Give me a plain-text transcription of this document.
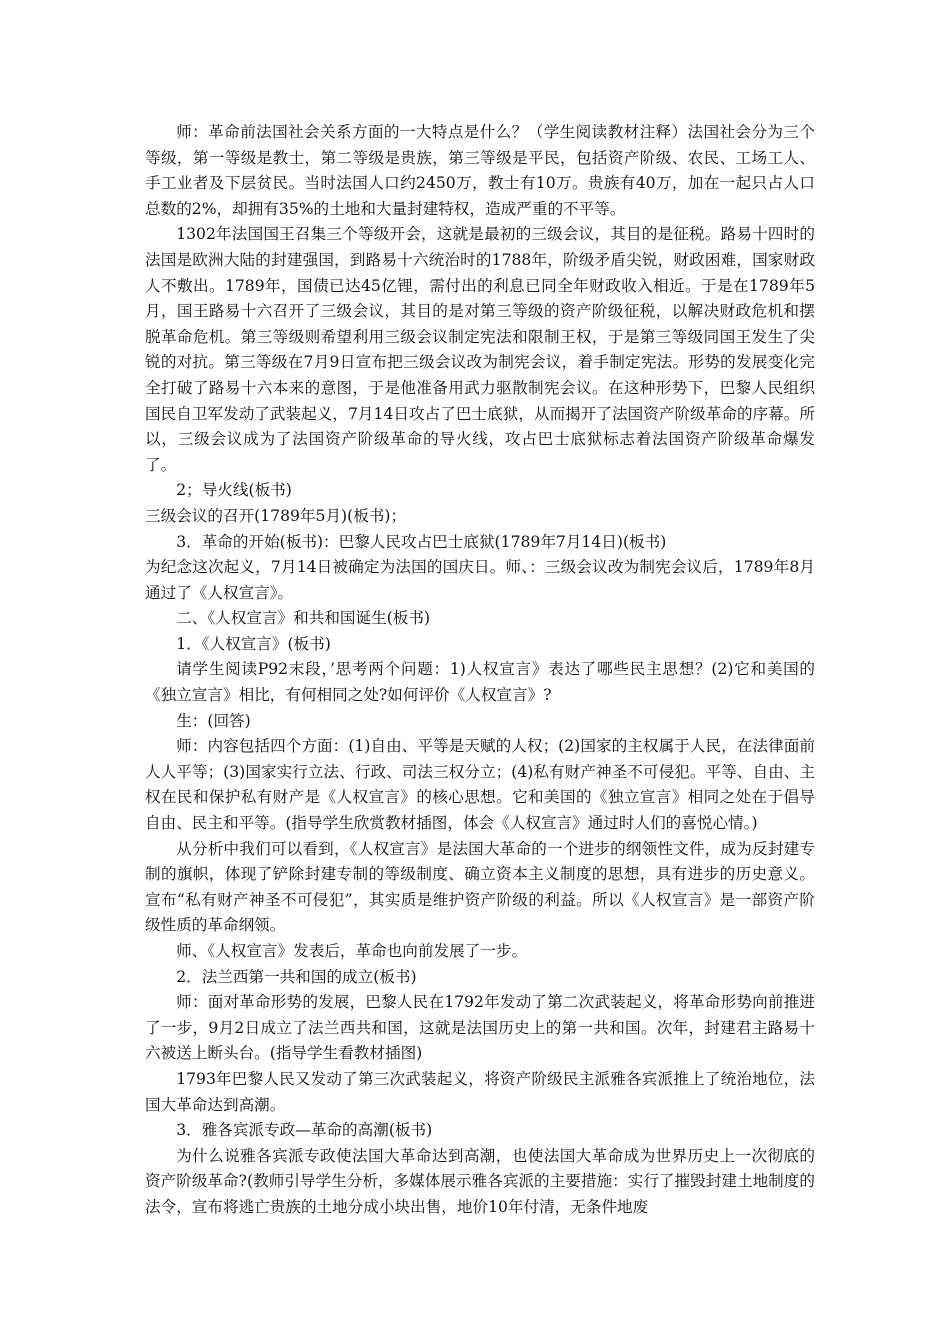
师：革命前法国社会关系方面的一大特点是什么？（学生阅读教材注释）法国社会分为三个等级，第一等级是教士，第二等级是贵族，第三等级是平民，包括资产阶级、农民、工场工人、手工业者及下层贫民。当时法国人口约2450万，教士有10万。贵族有40万，加在一起只占人口总数的2%，却拥有35%的土地和大量封建特权，造成严重的不平等。

1302年法国国王召集三个等级开会，这就是最初的三级会议，其目的是征税。路易十四时的法国是欧洲大陆的封建强国，到路易十六统治时的1788年，阶级矛盾尖锐，财政困难，国家财政人不敷出。1789年，国债已达45亿锂，需付出的利息已同全年财政收入相近。于是在1789年5月，国王路易十六召开了三级会议，其目的是对第三等级的资产阶级征税，以解决财政危机和摆脱革命危机。第三等级则希望利用三级会议制定宪法和限制王权，于是第三等级同国王发生了尖锐的对抗。第三等级在7月9日宣布把三级会议改为制宪会议，着手制定宪法。形势的发展变化完全打破了路易十六本来的意图，于是他准备用武力驱散制宪会议。在这种形势下，巴黎人民组织国民自卫军发动了武装起义，7月14日攻占了巴士底狱，从而揭开了法国资产阶级革命的序幕。所以，三级会议成为了法国资产阶级革命的导火线，攻占巴士底狱标志着法国资产阶级革命爆发了。

2；导火线(板书)

三级会议的召开(1789年5月)(板书)；

3．革命的开始(板书)：巴黎人民攻占巴士底狱(1789年7月14日)(板书)

为纪念这次起义，7月14日被确定为法国的国庆日。师、：三级会议改为制宪会议后，1789年8月通过了《人权宣言》。

二、《人权宣言》和共和国诞生(板书)

1．《人权宣言》(板书)

请学生阅读P92末段，’思考两个问题：1)人权宣言》表达了哪些民主思想？(2)它和美国的《独立宣言》相比，有何相同之处?如何评价《人权宣言》?

生：(回答)

师：内容包括四个方面：(1)自由、平等是天赋的人权；(2)国家的主权属于人民，在法律面前人人平等；(3)国家实行立法、行政、司法三权分立；(4)私有财产神圣不可侵犯。平等、自由、主权在民和保护私有财产是《人权宣言》的核心思想。它和美国的《独立宣言》相同之处在于倡导自由、民主和平等。(指导学生欣赏教材插图，体会《人权宣言》通过时人们的喜悦心情。)

从分析中我们可以看到，《人权宣言》是法国大革命的一个进步的纲领性文件，成为反封建专制的旗帜，体现了铲除封建专制的等级制度、确立资本主义制度的思想，具有进步的历史意义。宣布“私有财产神圣不可侵犯”，其实质是维护资产阶级的利益。所以《人权宣言》是一部资产阶级性质的革命纲领。

师、《人权宣言》发表后，革命也向前发展了一步。

2．法兰西第一共和国的成立(板书)

师：面对革命形势的发展，巴黎人民在1792年发动了第二次武装起义，将革命形势向前推进了一步，9月2日成立了法兰西共和国，这就是法国历史上的第一共和国。次年，封建君主路易十六被送上断头台。(指导学生看教材插图)

1793年巴黎人民又发动了第三次武装起义，将资产阶级民主派雅各宾派推上了统治地位，法国大革命达到高潮。

3．雅各宾派专政—革命的高潮(板书)

为什么说雅各宾派专政使法国大革命达到高潮，也使法国大革命成为世界历史上一次彻底的资产阶级革命?(教师引导学生分析，多媒体展示雅各宾派的主要措施：实行了摧毁封建土地制度的法令，宣布将逃亡贵族的土地分成小块出售，地价10年付清，无条件地废
